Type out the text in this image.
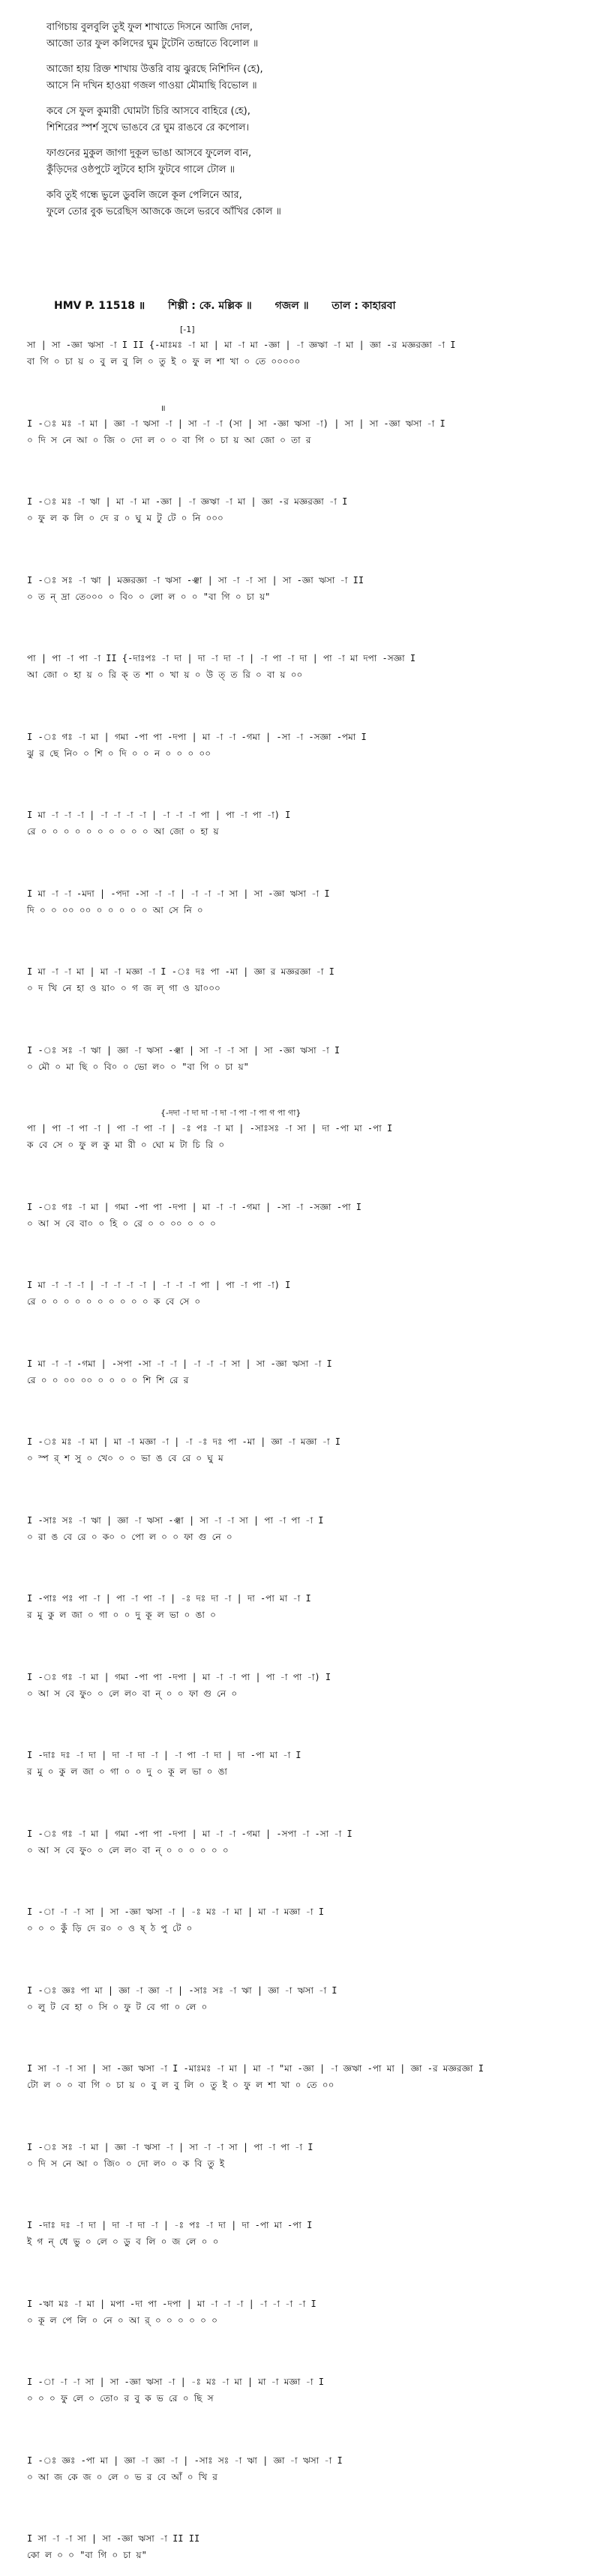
বাগিচায় বুলবুলি তুই ফুল শাখাতে দিসনে আজি দোল,
আজো তার ফুল কলিদের ঘুম টুটেনি তন্দ্রাতে বিলোল ॥
আজো হায় রিক্ত শাখায় উত্তরি বায় ঝুরছে নিশিদিন (হে),
আসে নি দখিন হাওয়া গজল গাওয়া মৌমাছি বিভোল ॥
কবে সে ফুল কুমারী ঘোমটা চিরি আসবে বাহিরে (হে),
শিশিরের স্পর্শ সুখে ভাঙবে রে ঘুম রাঙবে রে কপোল।
ফাগুনের মুকুল জাগা দুকূল ভাঙা আসবে ফুলেল বান,
কুঁড়িদের ওষ্ঠপুটে লুটবে হাসি ফুটবে গালে টোল ॥
কবি তুই গন্ধে ভুলে ডুবলি জলে কূল পেলিনে আর,
ফুলে তোর বুক ভরেছিস আজকে জলে ভরবে আঁখির কোল ॥
HMV P. 11518 ॥ শিল্পী : কে. মল্লিক ॥ গজল ॥ তাল : কাহারবা
[-1]
সা | সা -জ্ঞা ঋসা -া I II {-মাঃমঃ -া মা | মা -া মা -জ্ঞা | -া জ্ঞঋা -া মা | জ্ঞা -র মজ্ঞরজ্ঞা -া I
বা গি ০ চা য় ০ বু ল বু লি ০ তু ই ০ ফু ল শা খা ০ তে ০০০০০
॥
I -ঃ মঃ -া মা | জ্ঞা -া ঋসা -া | সা -া -া (সা | সা -জ্ঞা ঋসা -া) | সা | সা -জ্ঞা ঋসা -া I
০ দি স নে আ ০ জি ০ দো ল ০ ০ বা গি ০ চা য় আ জো ০ তা র
I -ঃ মঃ -া ঋা | মা -া মা -জ্ঞা | -া জ্ঞঋা -া মা | জ্ঞা -র মজ্ঞরজ্ঞা -া I
০ ফু ল ক লি ০ দে র ০ ঘু ম টু টে ০ নি ০০০
I -ঃ সঃ -া ঋা | মজ্ঞরজ্ঞা -া ঋসা -ঞ্ঝা | সা -া -া সা | সা -জ্ঞা ঋসা -া II
০ ত ন্ দ্রা তে০০০ ০ বি০ ০ লো ল ০ ০ "বা গি ০ চা য়"
পা | পা -া পা -া II {-দাঃপঃ -া দা | দা -া দা -া | -া পা -া দা | পা -া মা দপা -সজ্ঞা I
আ জো ০ হা য় ০ রি ক্ ত শা ০ খা য় ০ উ ত্ ত রি ০ বা য় ০০
I -ঃ গঃ -া মা | গমা -পা পা -দপা | মা -া -া -গমা | -সা -া -সজ্ঞা -পমা I
ঝু র ছে নি০ ০ শি ০ দি ০ ০ ন ০ ০ ০ ০০
I মা -া -া -া | -া -া -া -া | -া -া -া পা | পা -া পা -া) I
রে ০ ০ ০ ০ ০ ০ ০ ০ ০ ০ আ জো ০ হা য়
I মা -া -া -মদা | -পদা -সা -া -া | -া -া -া সা | সা -জ্ঞা ঋসা -া I
দি ০ ০ ০০ ০০ ০ ০ ০ ০ ০ আ সে নি ০
I মা -া -া মা | মা -া মজ্ঞা -া I -ঃ দঃ পা -মা | জ্ঞা র মজ্ঞরজ্ঞা -া I
০ দ খি নে হা ও য়া০ ০ গ জ ল্ গা ও য়া০০০
I -ঃ সঃ -া ঋা | জ্ঞা -া ঋসা -ঞ্ঝা | সা -া -া সা | সা -জ্ঞা ঋসা -া I
০ মৌ ০ মা ছি ০ বি০ ০ ভো ল০ ০ "বা গি ০ চা য়"
{-দদা -া দা দা -া দা -া পা -া পা গ পা গা}
পা | পা -া পা -া | পা -া পা -া | -ঃ পঃ -া মা | -সাঃসঃ -া সা | দা -পা মা -পা I
ক বে সে ০ ফু ল কু মা রী ০ ঘো ম টা চি রি ০
I -ঃ গঃ -া মা | গমা -পা পা -দপা | মা -া -া -গমা | -সা -া -সজ্ঞা -পা I
০ আ স বে বা০ ০ হি ০ রে ০ ০ ০০ ০ ০ ০
I মা -া -া -া | -া -া -া -া | -া -া -া পা | পা -া পা -া) I
রে ০ ০ ০ ০ ০ ০ ০ ০ ০ ০ ক বে সে ০
I মা -া -া -গমা | -সপা -সা -া -া | -া -া -া সা | সা -জ্ঞা ঋসা -া I
রে ০ ০ ০০ ০০ ০ ০ ০ ০ শি শি রে র
I -ঃ মঃ -া মা | মা -া মজ্ঞা -া | -া -ঃ দঃ পা -মা | জ্ঞা -া মজ্ঞা -া I
০ স্প র্ শ সু ০ খে০ ০ ০ ভা ঙ বে রে ০ ঘু ম
I -সাঃ সঃ -া ঋা | জ্ঞা -া ঋসা -ঞ্ঝা | সা -া -া সা | পা -া পা -া I
০ রা ঙ বে রে ০ ক০ ০ পো ল ০ ০ ফা গু নে ০
I -পাঃ পঃ পা -া | পা -া পা -া | -ঃ দঃ দা -া | দা -পা মা -া I
র মু কু ল জা ০ গা ০ ০ দু কূ ল ভা ০ ঙা ০
I -ঃ গঃ -া মা | গমা -পা পা -দপা | মা -া -া পা | পা -া পা -া) I
০ আ স বে ফু০ ০ লে ল০ বা ন্ ০ ০ ফা গু নে ০
I -দাঃ দঃ -া দা | দা -া দা -া | -া পা -া দা | দা -পা মা -া I
র মু ০ কু ল জা ০ গা ০ ০ দু ০ কূ ল ভা ০ ঙা
I -ঃ গঃ -া মা | গমা -পা পা -দপা | মা -া -া -গমা | -সপা -া -সা -া I
০ আ স বে ফু০ ০ লে ল০ বা ন্ ০ ০ ০ ০ ০ ০
I -া -া -া সা | সা -জ্ঞা ঋসা -া | -ঃ মঃ -া মা | মা -া মজ্ঞা -া I
০ ০ ০ কুঁ ড়ি দে র০ ০ ও ষ্ ঠ পু টে ০
I -ঃ জ্ঞঃ পা মা | জ্ঞা -া জ্ঞা -া | -সাঃ সঃ -া ঋা | জ্ঞা -া ঋসা -া I
০ লু ট বে হা ০ সি ০ ফু ট বে গা ০ লে ০
I সা -া -া সা | সা -জ্ঞা ঋসা -া I -মাঃমঃ -া মা | মা -া "মা -জ্ঞা | -া জ্ঞঋা -পা মা | জ্ঞা -র মজ্ঞরজ্ঞা I
টো ল ০ ০ বা গি ০ চা য় ০ বু ল বু লি ০ তু ই ০ ফু ল শা খা ০ তে ০০
I -ঃ সঃ -া মা | জ্ঞা -া ঋসা -া | সা -া -া সা | পা -া পা -া I
০ দি স নে আ ০ জি০ ০ দো ল০ ০ ক বি তু ই
I -দাঃ দঃ -া দা | দা -া দা -া | -ঃ পঃ -া দা | দা -পা মা -পা I
ই গ ন্ ধে ভু ০ লে ০ ডু ব লি ০ জ লে ০ ০
I -ঋা মঃ -া মা | মপা -দা পা -দপা | মা -া -া -া | -া -া -া -া I
০ কূ ল পে লি ০ নে ০ আ র্ ০ ০ ০ ০ ০ ০
I -া -া -া সা | সা -জ্ঞা ঋসা -া | -ঃ মঃ -া মা | মা -া মজ্ঞা -া I
০ ০ ০ ফু লে ০ তো০ র বু ক ভ রে ০ ছি স
I -ঃ জ্ঞঃ -পা মা | জ্ঞা -া জ্ঞা -া | -সাঃ সঃ -া ঋা | জ্ঞা -া ঋসা -া I
০ আ জ কে জ ০ লে ০ ভ র বে আঁ ০ খি র
I সা -া -া সা | সা -জ্ঞা ঋসা -া II II
কো ল ০ ০ "বা গি ০ চা য়"
